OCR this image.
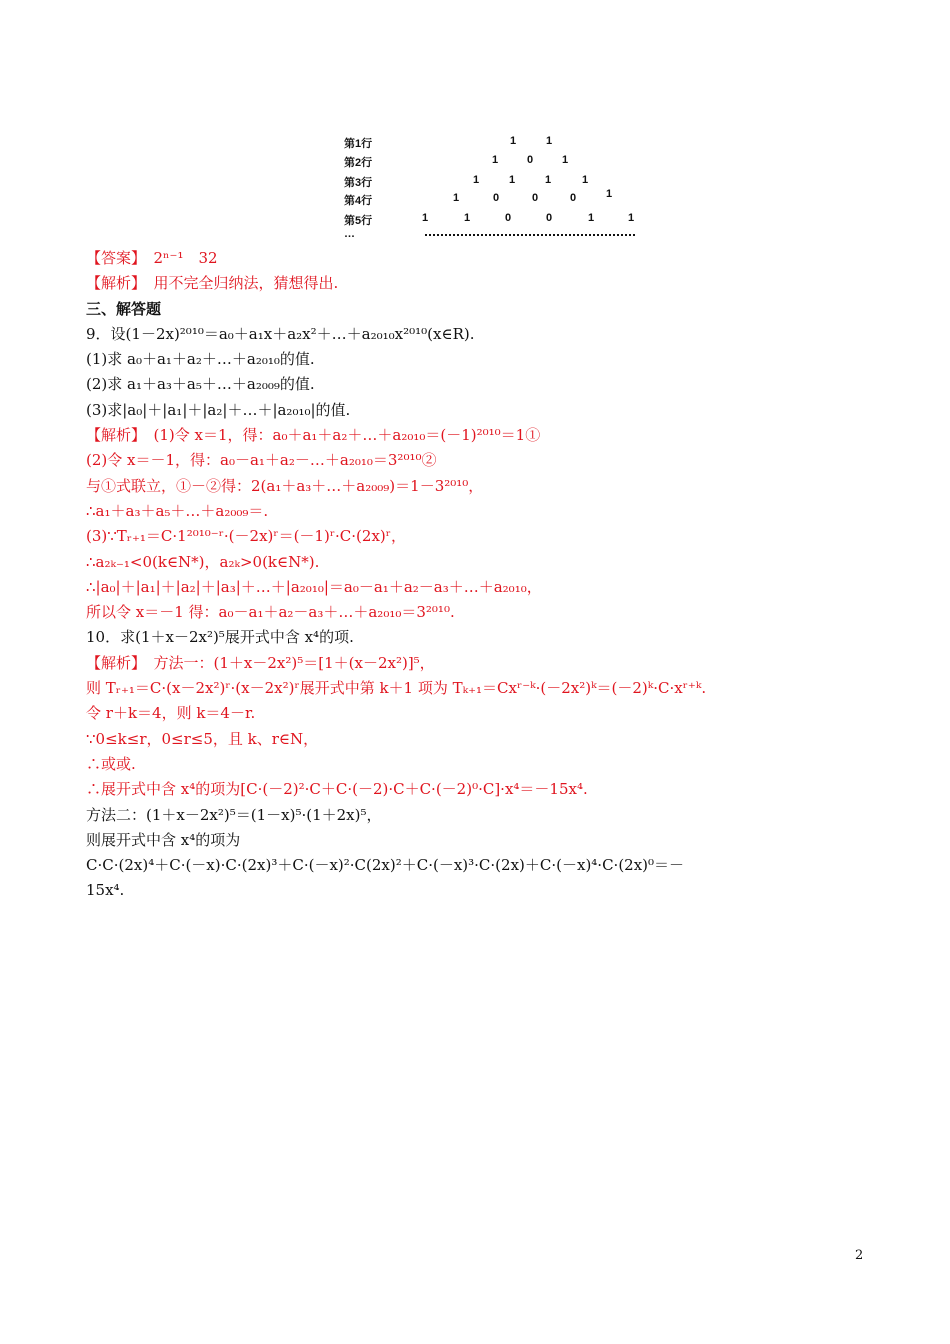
第1行	1	1
第2行	1	0	1
第3行	1	1	1	1
第4行	1	0	0	0	1
第5行	1	1	0	0	1	1
…
【答案】　2ⁿ⁻¹　32
【解析】　用不完全归纳法，猜想得出.
三、解答题
9．设(1－2x)²⁰¹⁰＝a₀＋a₁x＋a₂x²＋…＋a₂₀₁₀x²⁰¹⁰(x∈R).
(1)求 a₀＋a₁＋a₂＋…＋a₂₀₁₀的值.
(2)求 a₁＋a₃＋a₅＋…＋a₂₀₀₉的值.
(3)求|a₀|＋|a₁|＋|a₂|＋…＋|a₂₀₁₀|的值.
【解析】　(1)令 x＝1，得：a₀＋a₁＋a₂＋…＋a₂₀₁₀＝(－1)²⁰¹⁰＝1①
(2)令 x＝－1，得：a₀－a₁＋a₂－…＋a₂₀₁₀＝3²⁰¹⁰②
与①式联立，①－②得：2(a₁＋a₃＋…＋a₂₀₀₉)＝1－3²⁰¹⁰，
∴a₁＋a₃＋a₅＋…＋a₂₀₀₉＝.
(3)∵Tᵣ₊₁＝C·1²⁰¹⁰⁻ʳ·(－2x)ʳ＝(－1)ʳ·C·(2x)ʳ，
∴a₂ₖ₋₁<0(k∈N*)，a₂ₖ>0(k∈N*).
∴|a₀|＋|a₁|＋|a₂|＋|a₃|＋…＋|a₂₀₁₀|＝a₀－a₁＋a₂－a₃＋…＋a₂₀₁₀，
所以令 x＝－1 得：a₀－a₁＋a₂－a₃＋…＋a₂₀₁₀＝3²⁰¹⁰.
10．求(1＋x－2x²)⁵展开式中含 x⁴的项.
【解析】　方法一：(1＋x－2x²)⁵＝[1＋(x－2x²)]⁵，
则 Tᵣ₊₁＝C·(x－2x²)ʳ·(x－2x²)ʳ展开式中第 k＋1 项为 Tₖ₊₁＝Cxʳ⁻ᵏ·(－2x²)ᵏ＝(－2)ᵏ·C·xʳ⁺ᵏ.
令 r＋k＝4，则 k＝4－r.
∵0≤k≤r，0≤r≤5，且 k、r∈N，
∴或或.
∴展开式中含 x⁴的项为[C·(－2)²·C＋C·(－2)·C＋C·(－2)⁰·C]·x⁴＝－15x⁴.
方法二：(1＋x－2x²)⁵＝(1－x)⁵·(1＋2x)⁵，
则展开式中含 x⁴的项为
C·C·(2x)⁴＋C·(－x)·C·(2x)³＋C·(－x)²·C(2x)²＋C·(－x)³·C·(2x)＋C·(－x)⁴·C·(2x)⁰＝－
15x⁴.
2
